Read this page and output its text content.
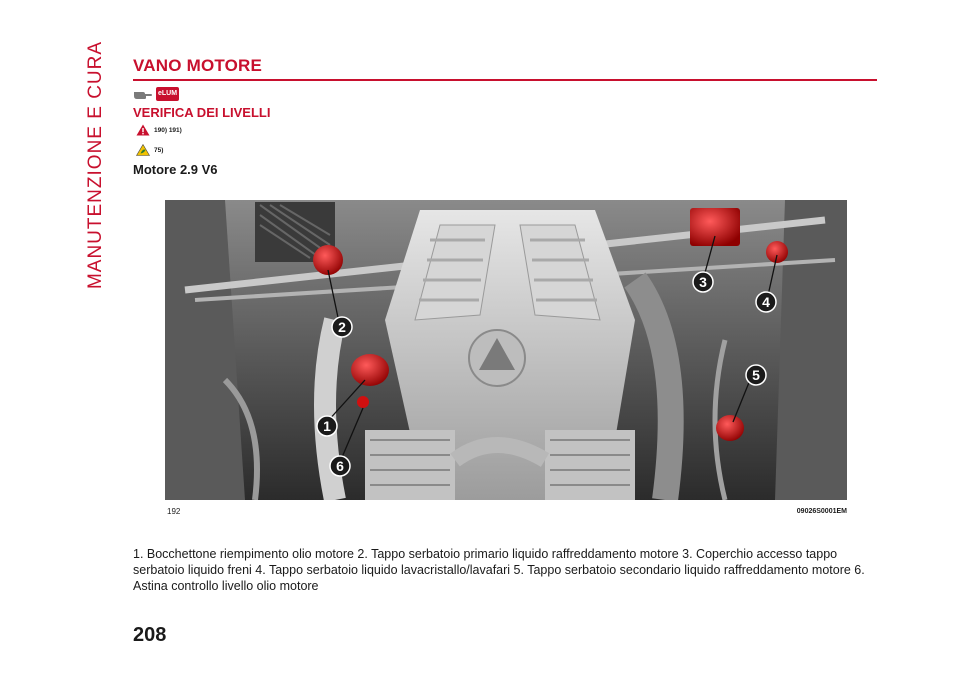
MANUTENZIONE E CURA VANO MOTORE
eLUM
VERIFICA DEI LIVELLI
190) 191)
75)
Motore 2.9 V6
1
2
3
4
5
6
192	09026S0001EM

1. Bocchettone riempimento olio motore 2. Tappo serbatoio primario liquido raffreddamento motore 3. Coperchio accesso tappo serbatoio liquido freni 4. Tappo serbatoio liquido lavacristallo/lavafari 5. Tappo serbatoio secondario liquido raffreddamento motore 6. Astina controllo livello olio motore

208
